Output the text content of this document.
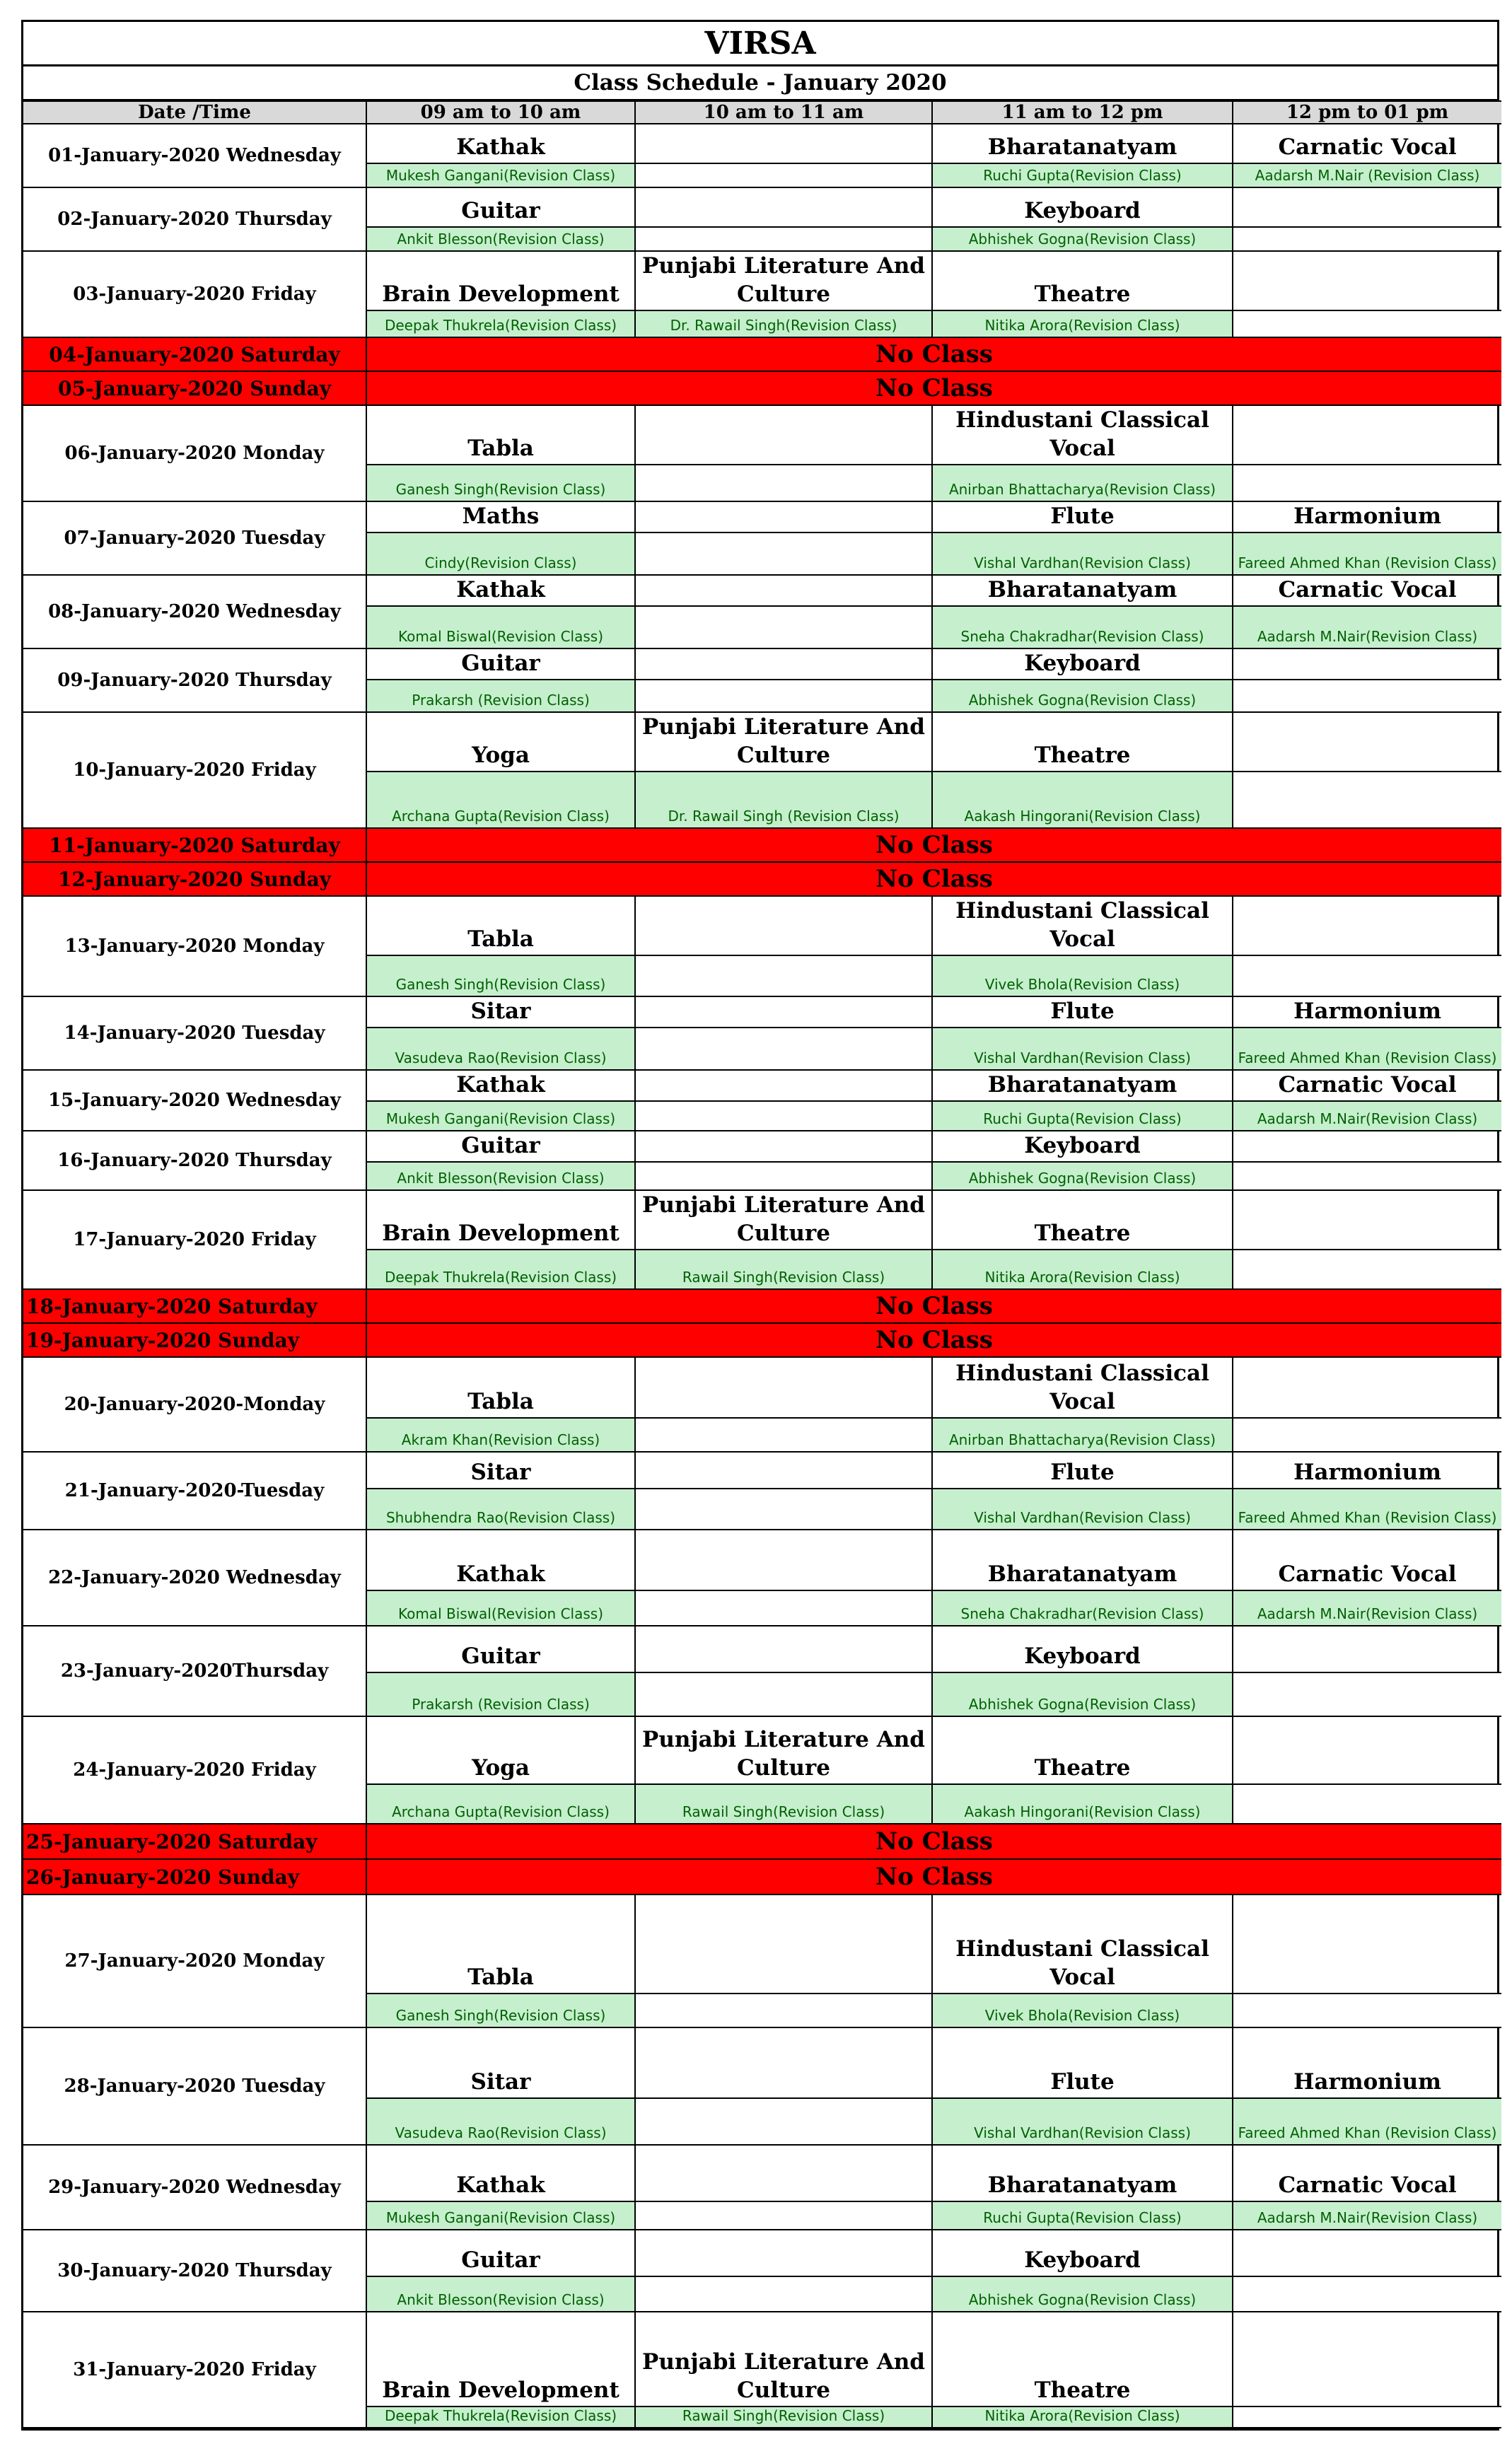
VIRSA
Class Schedule - January 2020
Date /Time	09 am to 10 am	10 am to 11 am	11 am to 12 pm	12 pm to 01 pm
01-January-2020 Wednesday	Kathak		Bharatanatyam	Carnatic Vocal
	Mukesh Gangani(Revision Class)		Ruchi Gupta(Revision Class)	Aadarsh M.Nair (Revision Class)
02-January-2020 Thursday	Guitar		Keyboard	
	Ankit Blesson(Revision Class)		Abhishek Gogna(Revision Class)	
03-January-2020 Friday	Brain Development	Punjabi Literature And Culture	Theatre	
	Deepak Thukrela(Revision Class)	Dr. Rawail Singh(Revision Class)	Nitika Arora(Revision Class)	
04-January-2020 Saturday	No Class			
05-January-2020 Sunday	No Class			
06-January-2020 Monday	Tabla		Hindustani Classical Vocal	
	Ganesh Singh(Revision Class)		Anirban Bhattacharya(Revision Class)	
07-January-2020 Tuesday	Maths		Flute	Harmonium
	Cindy(Revision Class)		Vishal Vardhan(Revision Class)	Fareed Ahmed Khan (Revision Class)
08-January-2020 Wednesday	Kathak		Bharatanatyam	Carnatic Vocal
	Komal Biswal(Revision Class)		Sneha Chakradhar(Revision Class)	Aadarsh M.Nair(Revision Class)
09-January-2020 Thursday	Guitar		Keyboard	
	Prakarsh (Revision Class)		Abhishek Gogna(Revision Class)	
10-January-2020 Friday	Yoga	Punjabi Literature And Culture	Theatre	
	Archana Gupta(Revision Class)	Dr. Rawail Singh (Revision Class)	Aakash Hingorani(Revision Class)	
11-January-2020 Saturday	No Class			
12-January-2020 Sunday	No Class			
13-January-2020 Monday	Tabla		Hindustani Classical Vocal	
	Ganesh Singh(Revision Class)		Vivek Bhola(Revision Class)	
14-January-2020 Tuesday	Sitar		Flute	Harmonium
	Vasudeva Rao(Revision Class)		Vishal Vardhan(Revision Class)	Fareed Ahmed Khan (Revision Class)
15-January-2020 Wednesday	Kathak		Bharatanatyam	Carnatic Vocal
	Mukesh Gangani(Revision Class)		Ruchi Gupta(Revision Class)	Aadarsh M.Nair(Revision Class)
16-January-2020 Thursday	Guitar		Keyboard	
	Ankit Blesson(Revision Class)		Abhishek Gogna(Revision Class)	
17-January-2020 Friday	Brain Development	Punjabi Literature And Culture	Theatre	
	Deepak Thukrela(Revision Class)	Rawail Singh(Revision Class)	Nitika Arora(Revision Class)	
18-January-2020 Saturday	No Class			
19-January-2020 Sunday	No Class			
20-January-2020-Monday	Tabla		Hindustani Classical Vocal	
	Akram Khan(Revision Class)		Anirban Bhattacharya(Revision Class)	
21-January-2020-Tuesday	Sitar		Flute	Harmonium
	Shubhendra Rao(Revision Class)		Vishal Vardhan(Revision Class)	Fareed Ahmed Khan (Revision Class)
22-January-2020 Wednesday	Kathak		Bharatanatyam	Carnatic Vocal
	Komal Biswal(Revision Class)		Sneha Chakradhar(Revision Class)	Aadarsh M.Nair(Revision Class)
23-January-2020Thursday	Guitar		Keyboard	
	Prakarsh (Revision Class)		Abhishek Gogna(Revision Class)	
24-January-2020 Friday	Yoga	Punjabi Literature And Culture	Theatre	
	Archana Gupta(Revision Class)	Rawail Singh(Revision Class)	Aakash Hingorani(Revision Class)	
25-January-2020 Saturday	No Class			
26-January-2020 Sunday	No Class			
27-January-2020 Monday	Tabla		Hindustani Classical Vocal	
	Ganesh Singh(Revision Class)		Vivek Bhola(Revision Class)	
28-January-2020 Tuesday	Sitar		Flute	Harmonium
	Vasudeva Rao(Revision Class)		Vishal Vardhan(Revision Class)	Fareed Ahmed Khan (Revision Class)
29-January-2020 Wednesday	Kathak		Bharatanatyam	Carnatic Vocal
	Mukesh Gangani(Revision Class)		Ruchi Gupta(Revision Class)	Aadarsh M.Nair(Revision Class)
30-January-2020 Thursday	Guitar		Keyboard	
	Ankit Blesson(Revision Class)		Abhishek Gogna(Revision Class)	
31-January-2020 Friday	Brain Development	Punjabi Literature And Culture	Theatre	
	Deepak Thukrela(Revision Class)	Rawail Singh(Revision Class)	Nitika Arora(Revision Class)	
